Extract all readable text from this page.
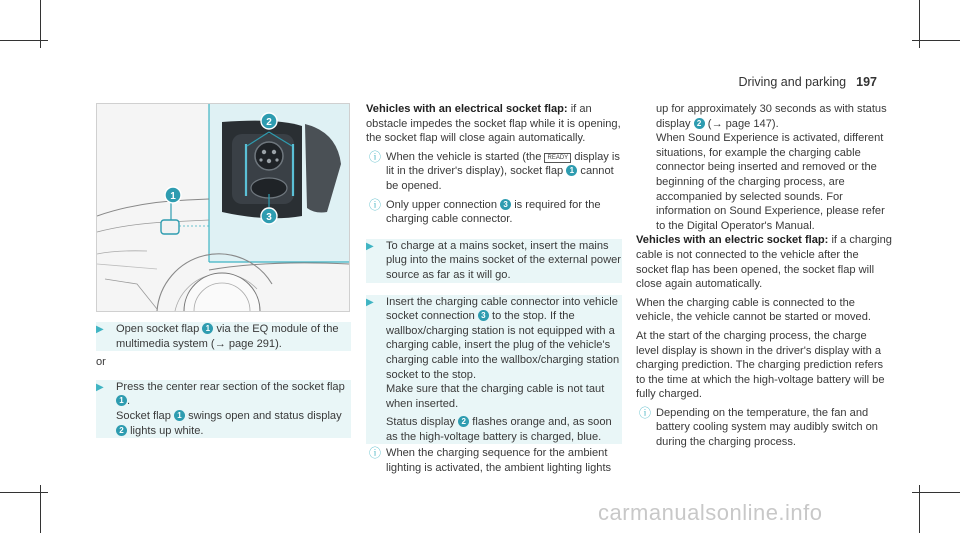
Driving and parking 197
1
2
3
▶ Open socket flap 1 via the EQ module of the multimedia system (→ page 291).

or

▶ Press the center rear section of the socket flap 1 .
Socket flap 1 swings open and status display 2 lights up white.

Vehicles with an electrical socket flap: if an obstacle impedes the socket flap while it is opening, the socket flap will close again automatically.

ⓘ When the vehicle is started (the READY display is lit in the driver's display), socket flap 1 cannot be opened.
ⓘ Only upper connection 3 is required for the charging cable connector.
▶ To charge at a mains socket, insert the mains plug into the mains socket of the external power source as far as it will go.
▶ Insert the charging cable connector into vehicle socket connection 3 to the stop. If the wallbox/charging station is not equipped with a charging cable, insert the plug of the vehicle's charging cable into the wallbox/charging station socket to the stop.
Make sure that the charging cable is not taut when inserted.

Status display 2 flashes orange and, as soon as the high-voltage battery is charged, blue.

ⓘ When the charging sequence for the ambient lighting is activated, the ambient lighting lights

up for approximately 30 seconds as with status display 2 (→ page 147).

When Sound Experience is activated, different situations, for example the charging cable connector being inserted and removed or the beginning of the charging process, are accompanied by selected sounds. For information on Sound Experience, please refer to the Digital Operator's Manual.

Vehicles with an electric socket flap: if a charging cable is not connected to the vehicle after the socket flap has been opened, the socket flap will close again automatically.

When the charging cable is connected to the vehicle, the vehicle cannot be started or moved.

At the start of the charging process, the charge level display is shown in the driver's display with a charging prediction. The charging prediction refers to the time at which the high-voltage battery will be fully charged.

ⓘ Depending on the temperature, the fan and battery cooling system may audibly switch on during the charging process.
carmanualsonline.info
